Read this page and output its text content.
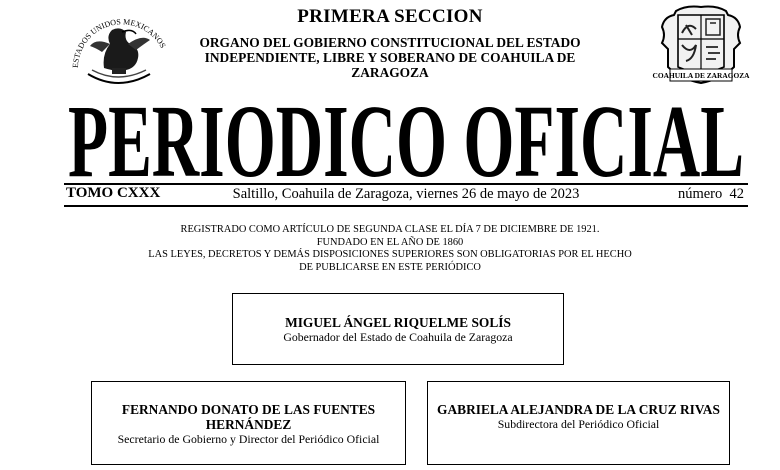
ESTADOS UNIDOS MEXICANOS
COAHUILA DE ZARAGOZA
PRIMERA SECCION
ORGANO DEL GOBIERNO CONSTITUCIONAL DEL ESTADO
INDEPENDIENTE, LIBRE Y SOBERANO DE COAHUILA DE
ZARAGOZA
PERIODICO OFICIAL
TOMO CXXX	Saltillo, Coahuila de Zaragoza, viernes 26 de mayo de 2023	número  42
REGISTRADO COMO ARTÍCULO DE SEGUNDA CLASE EL DÍA 7 DE DICIEMBRE DE 1921.
FUNDADO EN EL AÑO DE 1860
LAS LEYES, DECRETOS Y DEMÁS DISPOSICIONES SUPERIORES SON OBLIGATORIAS POR EL HECHO
DE PUBLICARSE EN ESTE PERIÓDICO
MIGUEL ÁNGEL RIQUELME SOLÍS
Gobernador del Estado de Coahuila de Zaragoza
FERNANDO DONATO DE LAS FUENTES
HERNÁNDEZ
Secretario de Gobierno y Director del Periódico Oficial
GABRIELA ALEJANDRA DE LA CRUZ RIVAS
Subdirectora del Periódico Oficial
